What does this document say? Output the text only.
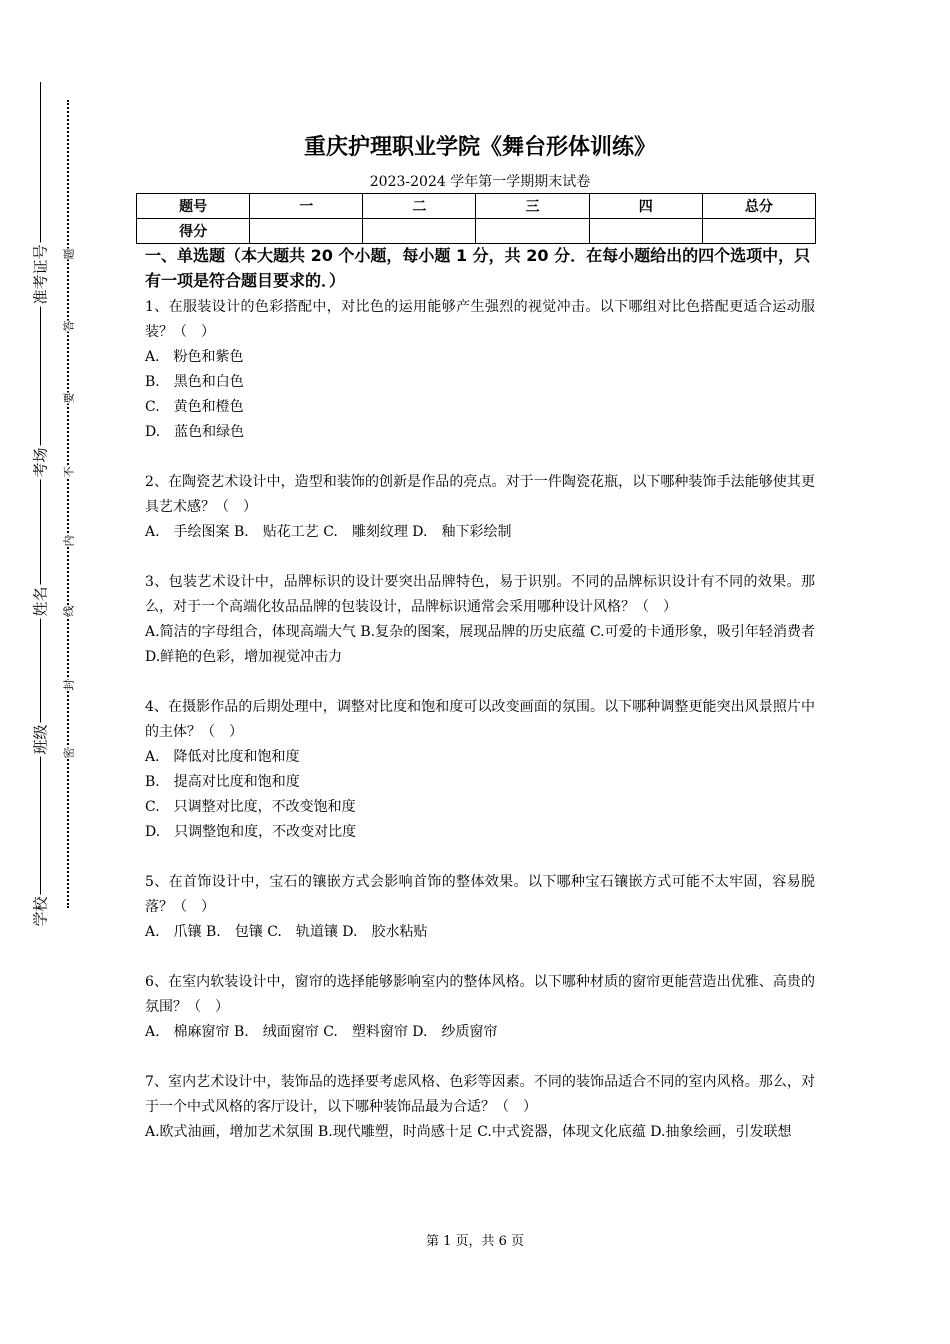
准考证号
考场
姓名
班级
学校
题
答
要
不
内
线
封
密
重庆护理职业学院《舞台形体训练》
2023-2024 学年第一学期期末试卷
题号	一	二	三	四	总分
得分					
一、单选题（本大题共 20 个小题，每小题 1 分，共 20 分．在每小题给出的四个选项中，只有一项是符合题目要求的．）

1、在服装设计的色彩搭配中，对比色的运用能够产生强烈的视觉冲击。以下哪组对比色搭配更适合运动服装？（　）

A.　粉色和紫色

B.　黑色和白色

C.　黄色和橙色

D.　蓝色和绿色

2、在陶瓷艺术设计中，造型和装饰的创新是作品的亮点。对于一件陶瓷花瓶，以下哪种装饰手法能够使其更具艺术感？（　）

A.　手绘图案 B.　贴花工艺 C.　雕刻纹理 D.　釉下彩绘制

3、包装艺术设计中，品牌标识的设计要突出品牌特色，易于识别。不同的品牌标识设计有不同的效果。那么，对于一个高端化妆品品牌的包装设计，品牌标识通常会采用哪种设计风格？（　）

A.简洁的字母组合，体现高端大气 B.复杂的图案，展现品牌的历史底蕴 C.可爱的卡通形象，吸引年轻消费者 D.鲜艳的色彩，增加视觉冲击力

4、在摄影作品的后期处理中，调整对比度和饱和度可以改变画面的氛围。以下哪种调整更能突出风景照片中的主体？（　）

A.　降低对比度和饱和度

B.　提高对比度和饱和度

C.　只调整对比度，不改变饱和度

D.　只调整饱和度，不改变对比度

5、在首饰设计中，宝石的镶嵌方式会影响首饰的整体效果。以下哪种宝石镶嵌方式可能不太牢固，容易脱落？（　）

A.　爪镶 B.　包镶 C.　轨道镶 D.　胶水粘贴

6、在室内软装设计中，窗帘的选择能够影响室内的整体风格。以下哪种材质的窗帘更能营造出优雅、高贵的氛围？（　）

A.　棉麻窗帘 B.　绒面窗帘 C.　塑料窗帘 D.　纱质窗帘

7、室内艺术设计中，装饰品的选择要考虑风格、色彩等因素。不同的装饰品适合不同的室内风格。那么，对于一个中式风格的客厅设计，以下哪种装饰品最为合适？（　）

A.欧式油画，增加艺术氛围 B.现代雕塑，时尚感十足 C.中式瓷器，体现文化底蕴 D.抽象绘画，引发联想

第 1 页，共 6 页
